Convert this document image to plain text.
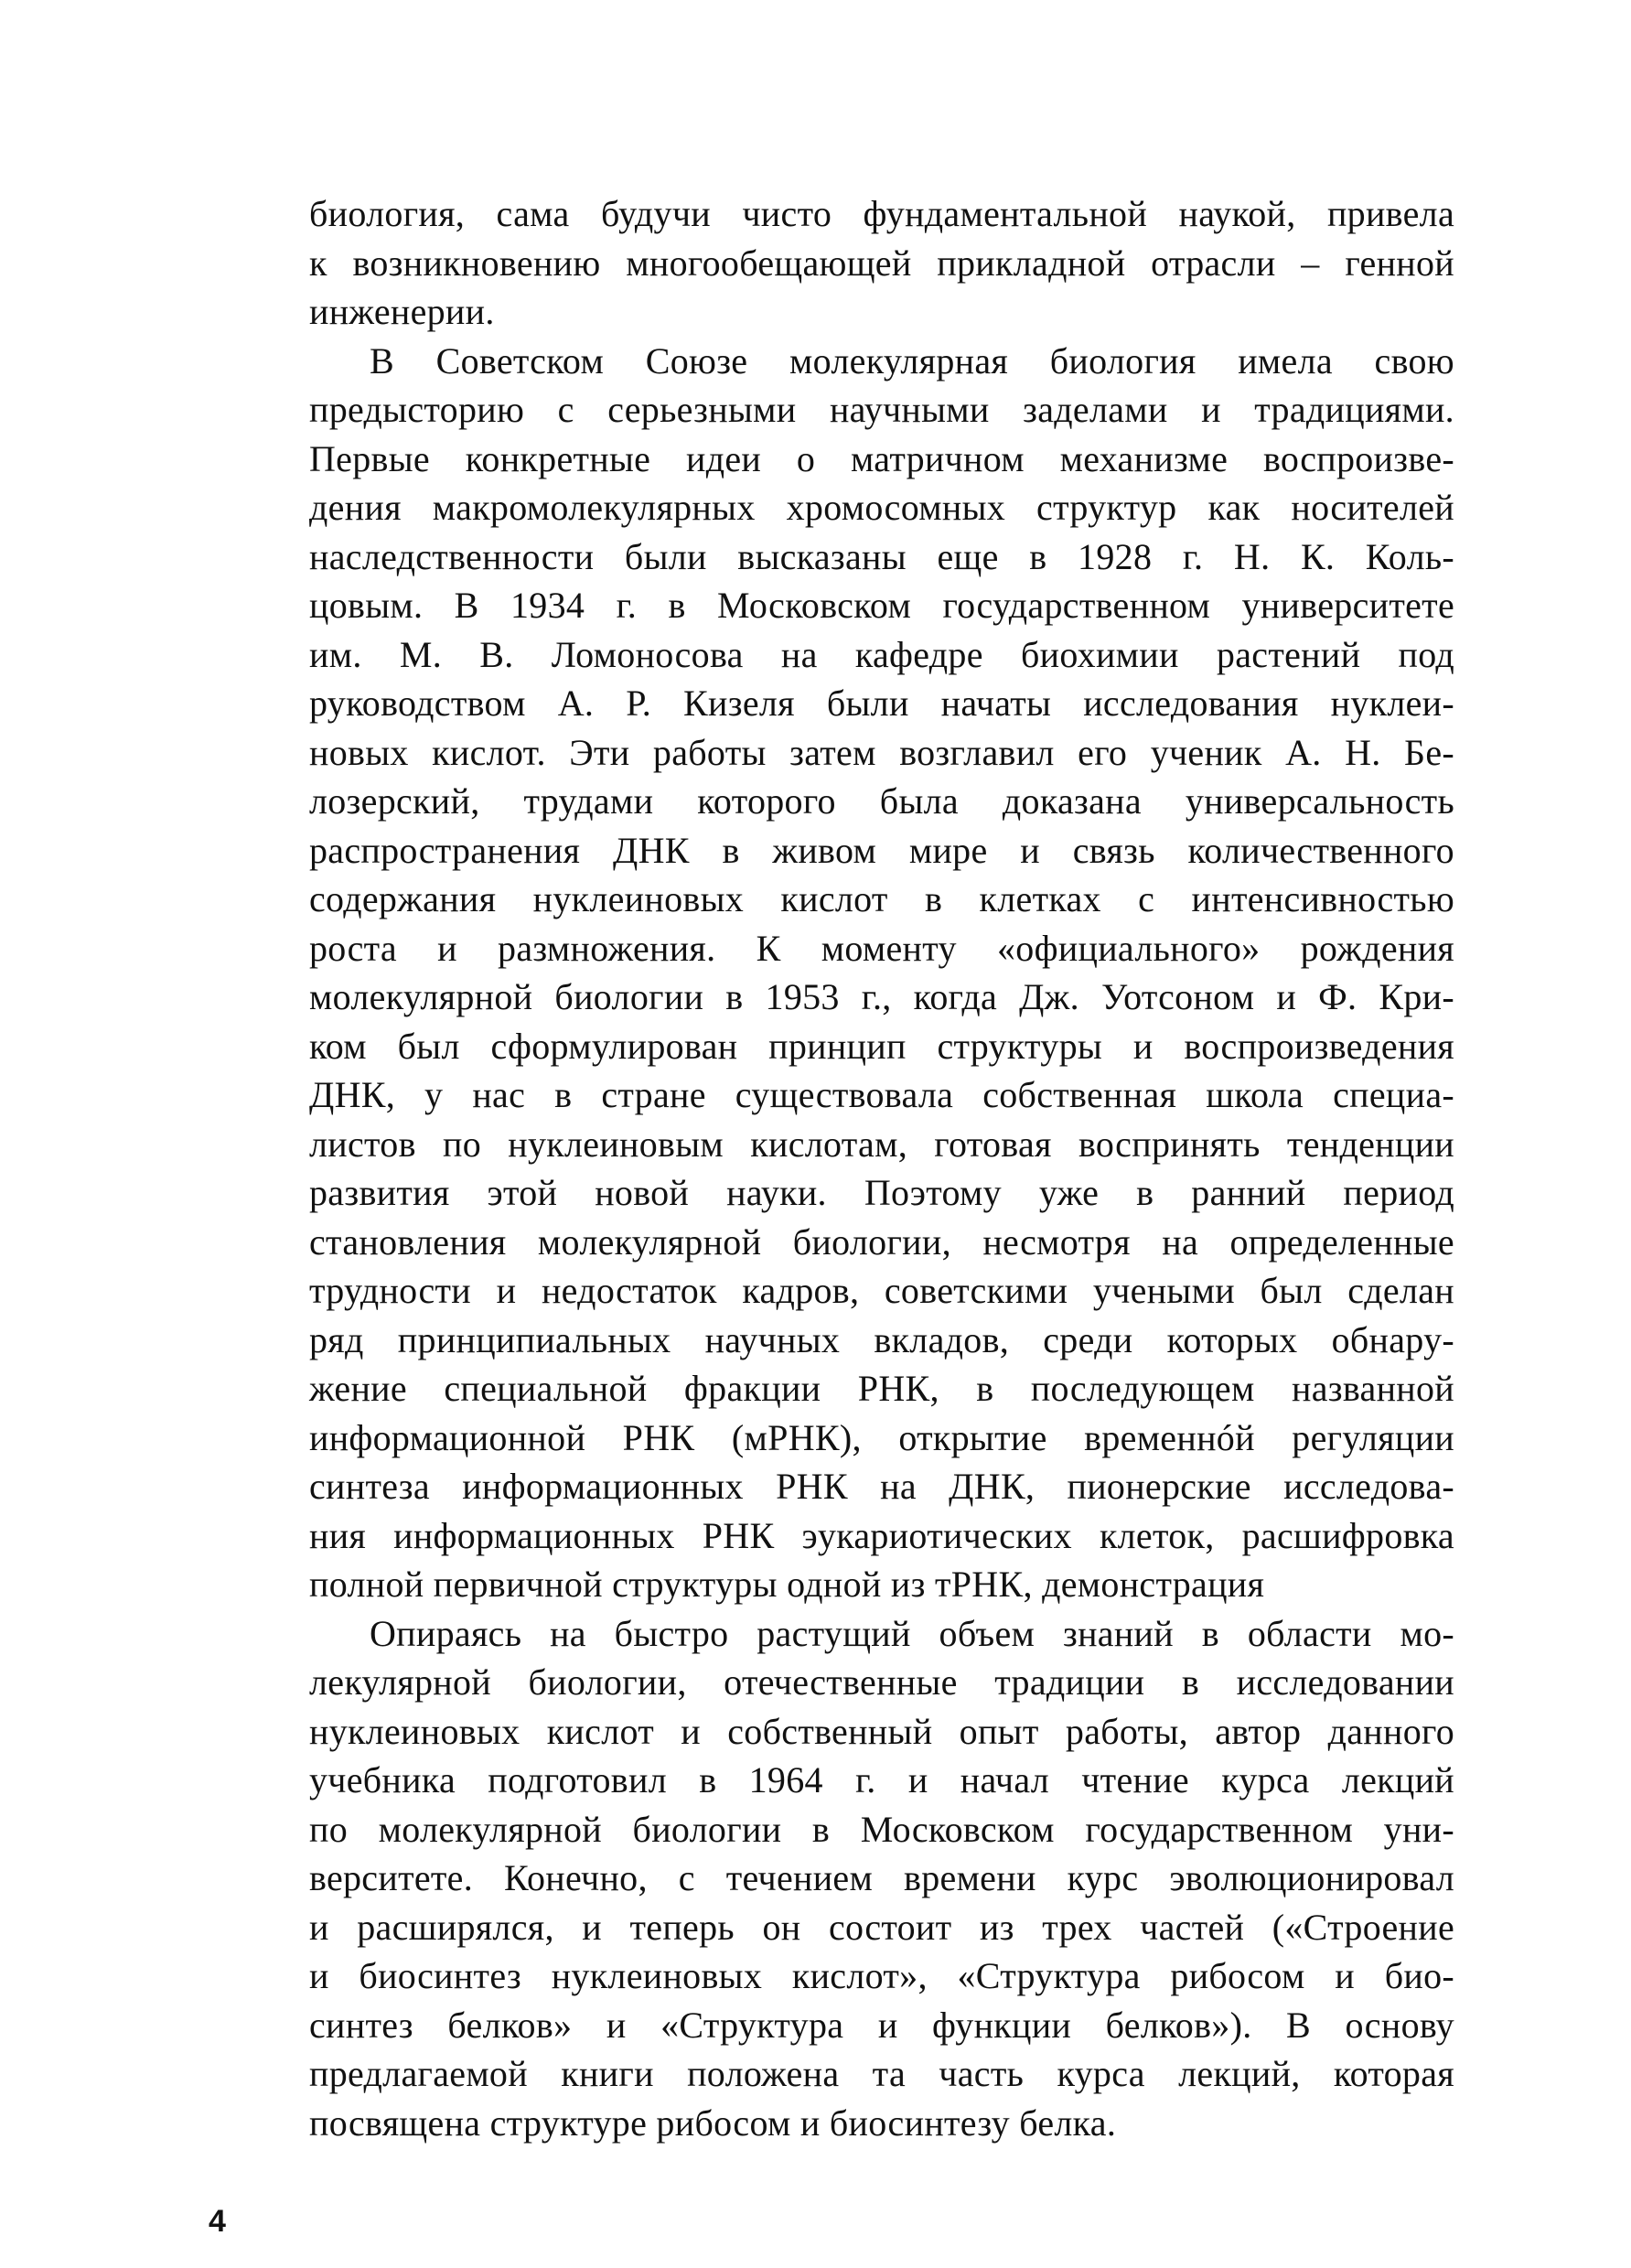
биология, сама будучи чисто фундаментальной наукой, привела
к возникновению многообещающей прикладной отрасли – генной
инженерии.
В Советском Союзе молекулярная биология имела свою
предысторию с серьезными научными заделами и традициями.
Первые конкретные идеи о матричном механизме воспроизве-
дения макромолекулярных хромосомных структур как носителей
наследственности были высказаны еще в 1928 г. Н. К. Коль-
цовым. В 1934 г. в Московском государственном университете
им. М. В. Ломоносова на кафедре биохимии растений под
руководством А. Р. Кизеля были начаты исследования нуклеи-
новых кислот. Эти работы затем возглавил его ученик А. Н. Бе-
лозерский, трудами которого была доказана универсальность
распространения ДНК в живом мире и связь количественного
содержания нуклеиновых кислот в клетках с интенсивностью
роста и размножения. К моменту «официального» рождения
молекулярной биологии в 1953 г., когда Дж. Уотсоном и Ф. Кри-
ком был сформулирован принцип структуры и воспроизведения
ДНК, у нас в стране существовала собственная школа специа-
листов по нуклеиновым кислотам, готовая воспринять тенденции
развития этой новой науки. Поэтому уже в ранний период
становления молекулярной биологии, несмотря на определенные
трудности и недостаток кадров, советскими учеными был сделан
ряд принципиальных научных вкладов, среди которых обнару-
жение специальной фракции РНК, в последующем названной
информационной РНК (мРНК), открытие временнóй регуляции
синтеза информационных РНК на ДНК, пионерские исследова-
ния информационных РНК эукариотических клеток, расшифровка
полной первичной структуры одной из тРНК, демонстрация
Опираясь на быстро растущий объем знаний в области мо-
лекулярной биологии, отечественные традиции в исследовании
нуклеиновых кислот и собственный опыт работы, автор данного
учебника подготовил в 1964 г. и начал чтение курса лекций
по молекулярной биологии в Московском государственном уни-
верситете. Конечно, с течением времени курс эволюционировал
и расширялся, и теперь он состоит из трех частей («Строение
и биосинтез нуклеиновых кислот», «Структура рибосом и био-
синтез белков» и «Структура и функции белков»). В основу
предлагаемой книги положена та часть курса лекций, которая
посвящена структуре рибосом и биосинтезу белка.
4
